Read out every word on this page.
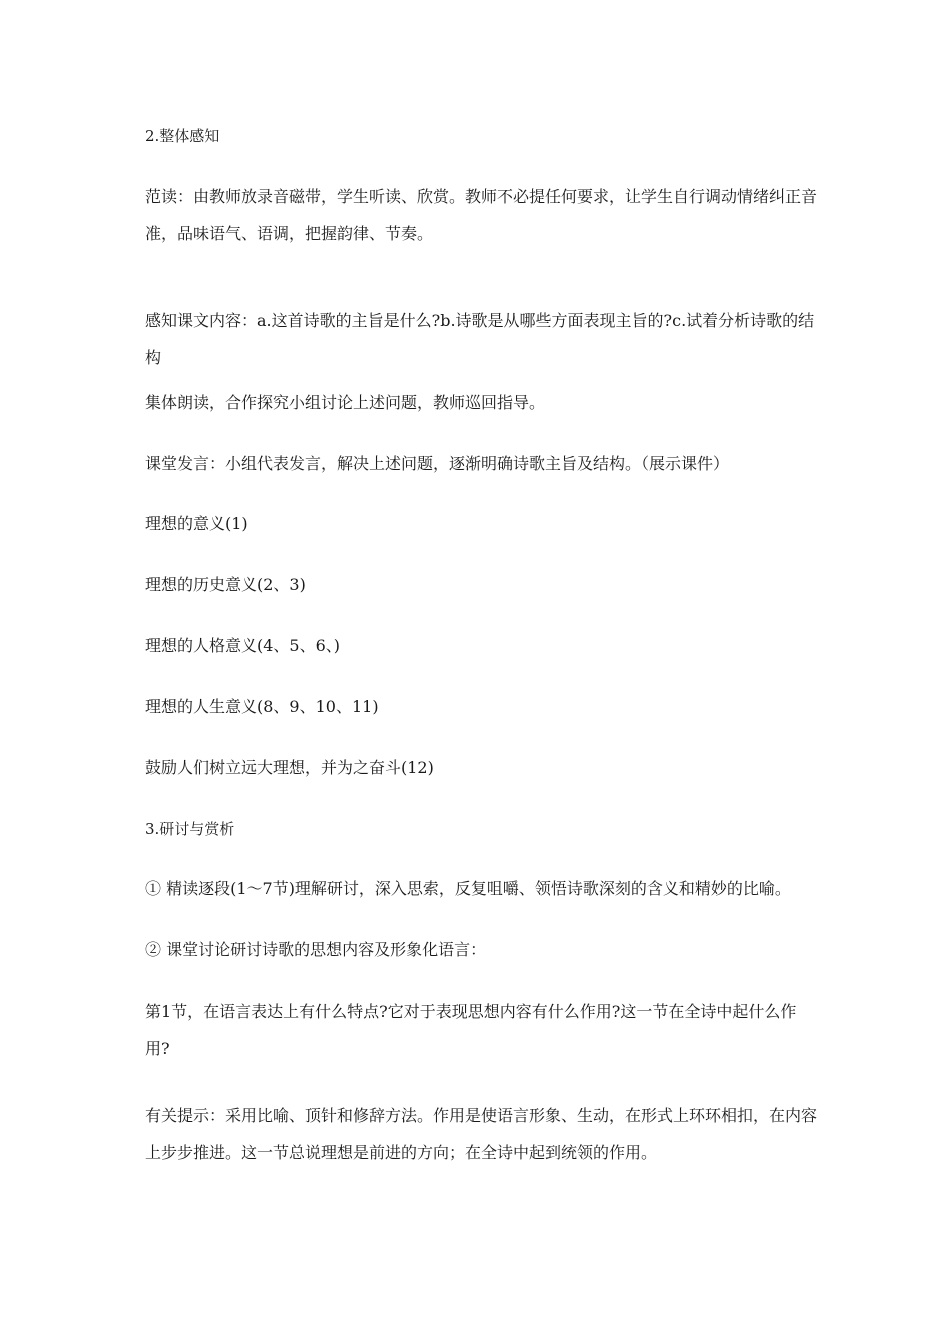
2.整体感知

范读：由教师放录音磁带，学生听读、欣赏。教师不必提任何要求，让学生自行调动情绪纠正音准，品味语气、语调，把握韵律、节奏。

感知课文内容：a.这首诗歌的主旨是什么?b.诗歌是从哪些方面表现主旨的?c.试着分析诗歌的结构

集体朗读，合作探究小组讨论上述问题，教师巡回指导。

课堂发言：小组代表发言，解决上述问题，逐渐明确诗歌主旨及结构。（展示课件）

理想的意义(1)

理想的历史意义(2、3)

理想的人格意义(4、5、6、)

理想的人生意义(8、9、10、11)

鼓励人们树立远大理想，并为之奋斗(12)

3.研讨与赏析

① 精读逐段(1～7节)理解研讨，深入思索，反复咀嚼、领悟诗歌深刻的含义和精妙的比喻。

② 课堂讨论研讨诗歌的思想内容及形象化语言：

第1节，在语言表达上有什么特点?它对于表现思想内容有什么作用?这一节在全诗中起什么作用?

有关提示：采用比喻、顶针和修辞方法。作用是使语言形象、生动，在形式上环环相扣，在内容上步步推进。这一节总说理想是前进的方向；在全诗中起到统领的作用。
